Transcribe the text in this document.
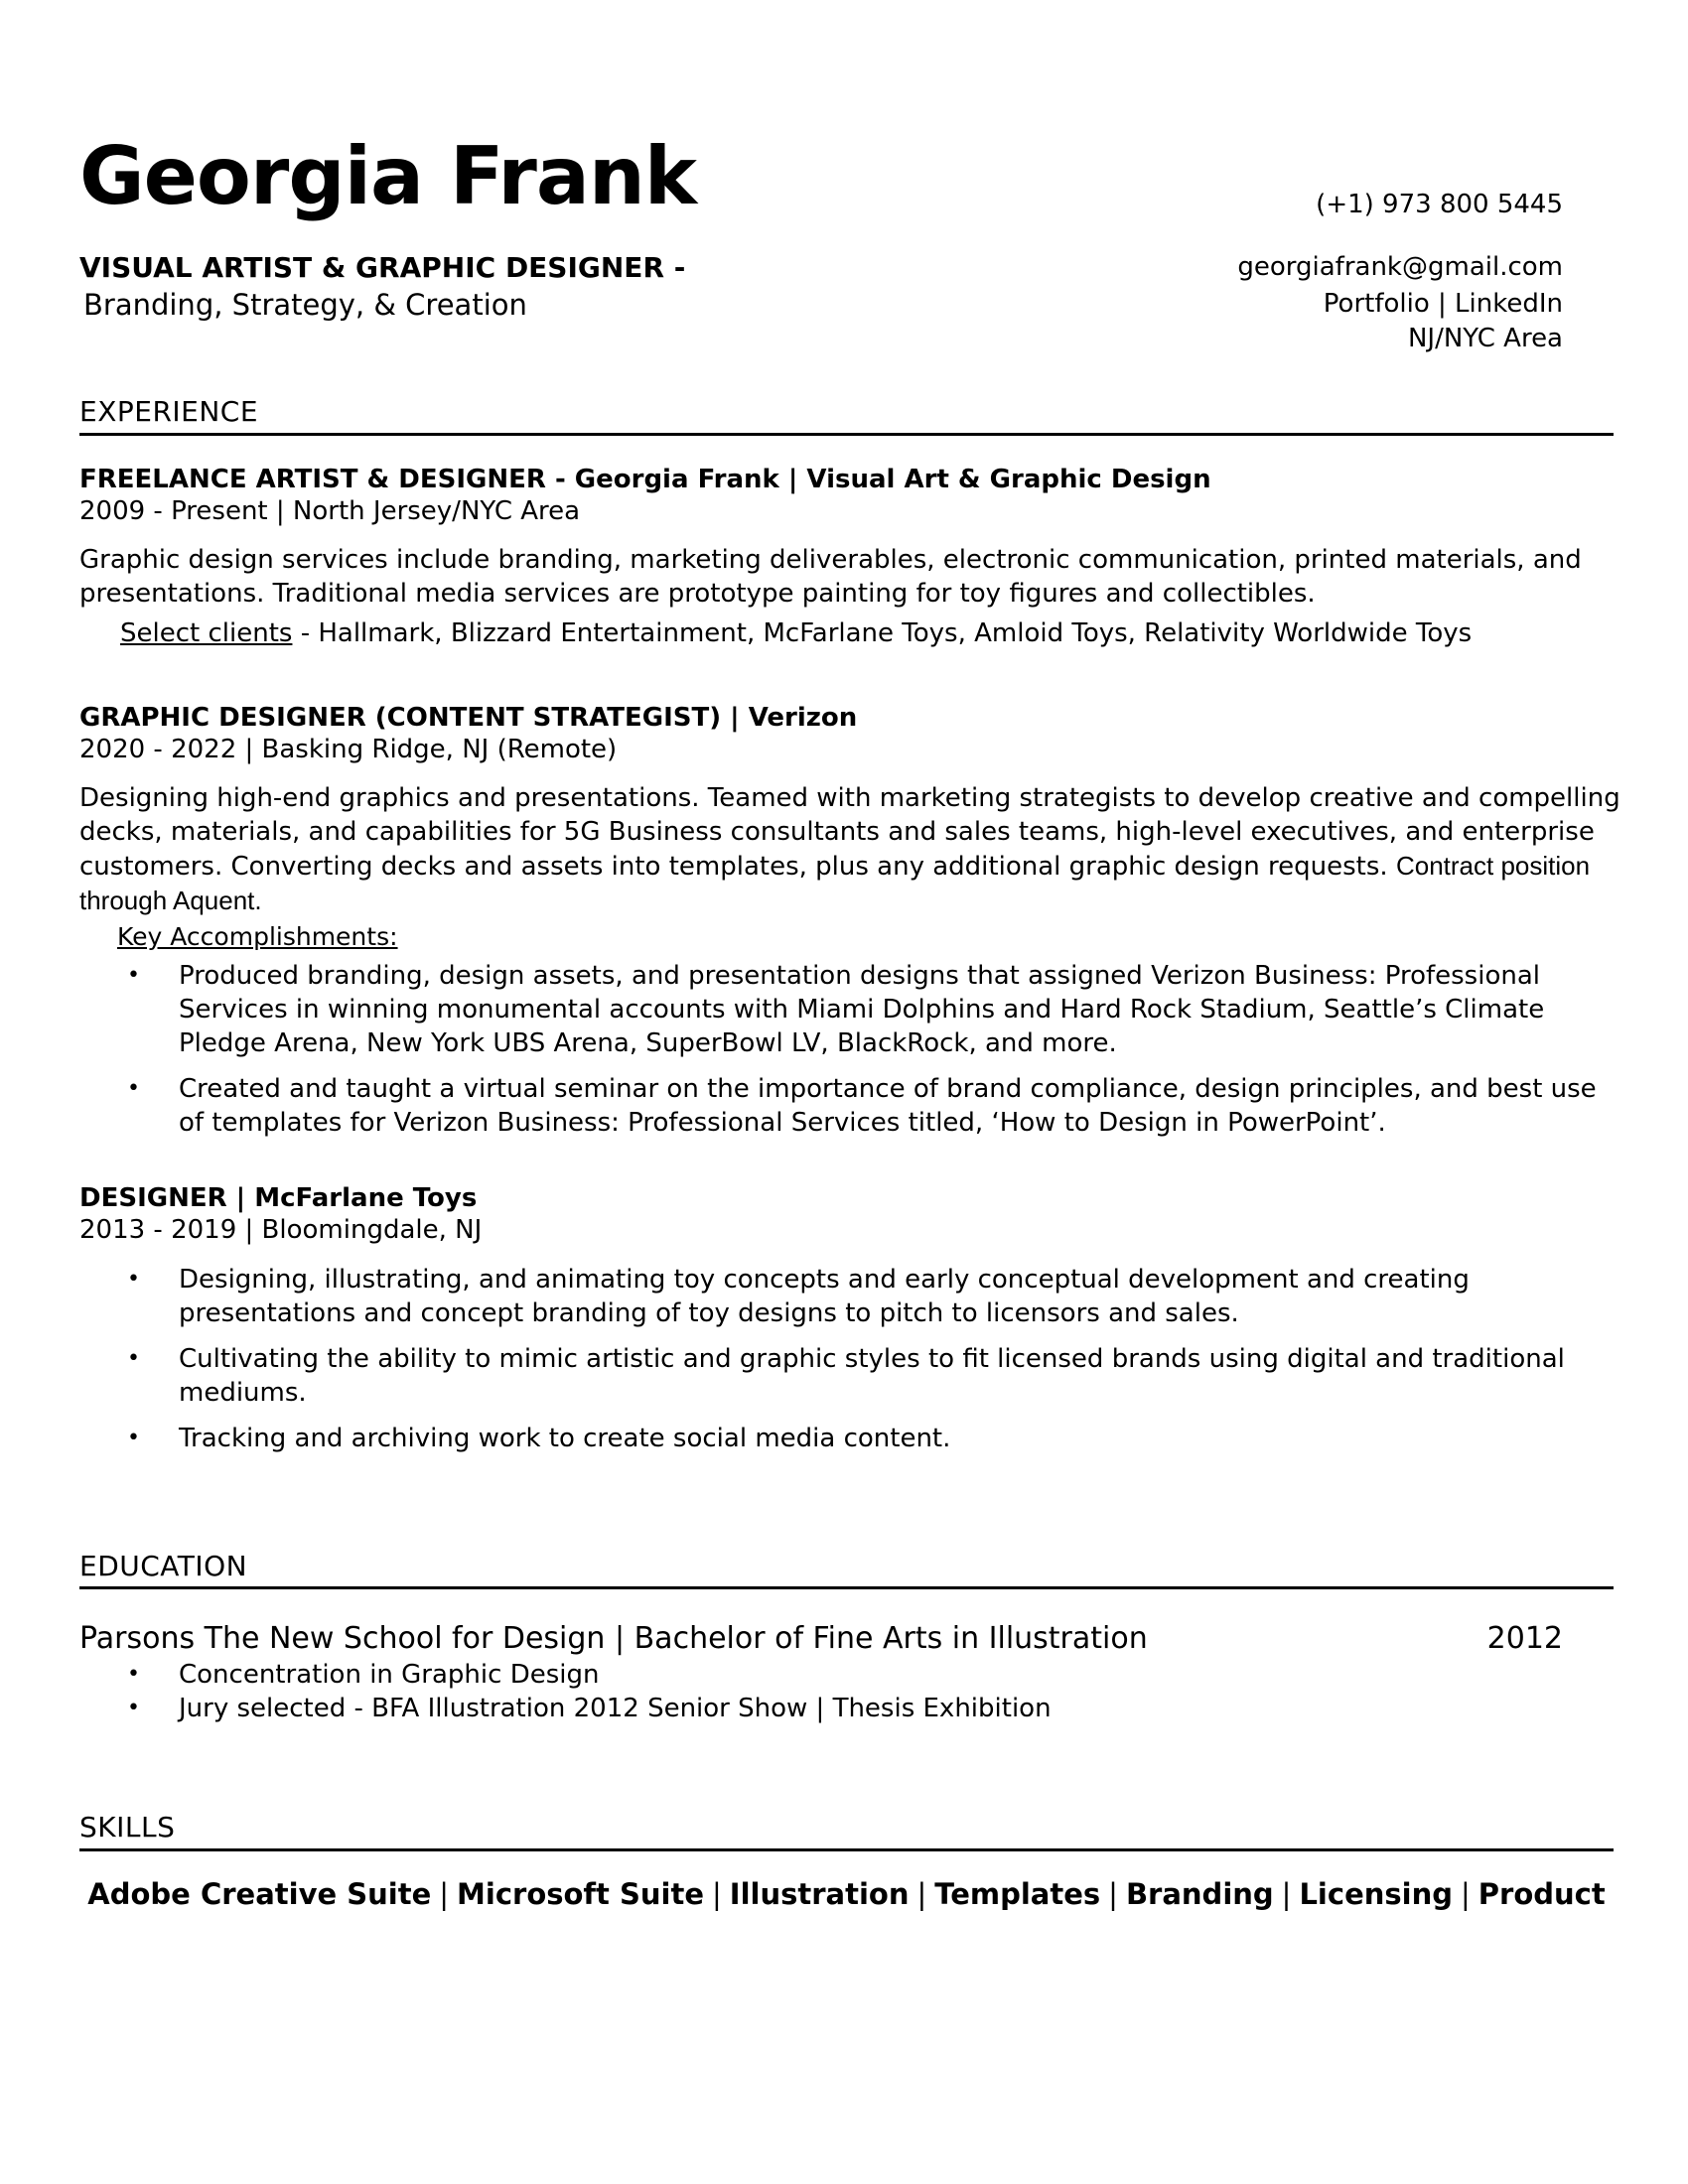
Georgia Frank
VISUAL ARTIST & GRAPHIC DESIGNER -
Branding, Strategy, & Creation
(+1) 973 800 5445
georgiafrank@gmail.com
Portfolio | LinkedIn
NJ/NYC Area
EXPERIENCE
FREELANCE ARTIST & DESIGNER - Georgia Frank | Visual Art & Graphic Design
2009 - Present | North Jersey/NYC Area
Graphic design services include branding, marketing deliverables, electronic communication, printed materials, and presentations. Traditional media services are prototype painting for toy figures and collectibles.
Select clients - Hallmark, Blizzard Entertainment, McFarlane Toys, Amloid Toys, Relativity Worldwide Toys
GRAPHIC DESIGNER (CONTENT STRATEGIST) | Verizon
2020 - 2022 | Basking Ridge, NJ (Remote)
Designing high-end graphics and presentations. Teamed with marketing strategists to develop creative and compelling decks, materials, and capabilities for 5G Business consultants and sales teams, high-level executives, and enterprise customers. Converting decks and assets into templates, plus any additional graphic design requests. Contract position through Aquent.
Key Accomplishments:
• Produced branding, design assets, and presentation designs that assigned Verizon Business: Professional Services in winning monumental accounts with Miami Dolphins and Hard Rock Stadium, Seattle’s Climate Pledge Arena, New York UBS Arena, SuperBowl LV, BlackRock, and more.
• Created and taught a virtual seminar on the importance of brand compliance, design principles, and best use of templates for Verizon Business: Professional Services titled, ‘How to Design in PowerPoint’.
DESIGNER | McFarlane Toys
2013 - 2019 | Bloomingdale, NJ
• Designing, illustrating, and animating toy concepts and early conceptual development and creating presentations and concept branding of toy designs to pitch to licensors and sales.
• Cultivating the ability to mimic artistic and graphic styles to fit licensed brands using digital and traditional mediums.
• Tracking and archiving work to create social media content.
EDUCATION
Parsons The New School for Design | Bachelor of Fine Arts in Illustration	2012
• Concentration in Graphic Design
• Jury selected - BFA Illustration 2012 Senior Show | Thesis Exhibition
SKILLS
Adobe Creative Suite | Microsoft Suite | Illustration | Templates | Branding | Licensing | Product
